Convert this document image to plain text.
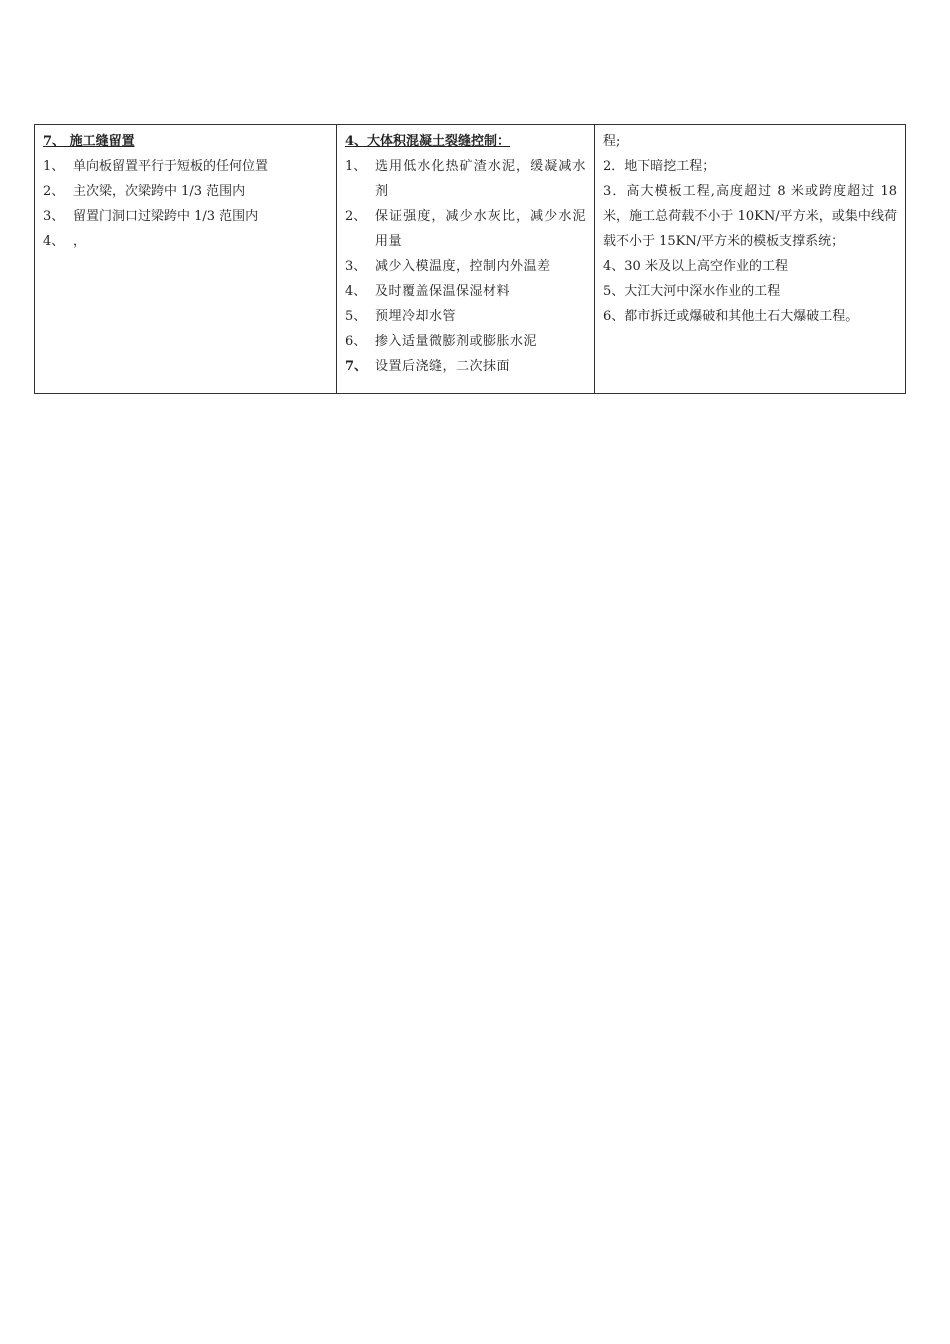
7、 施工缝留置
1、 单向板留置平行于短板的任何位置
2、 主次梁，次梁跨中 1/3 范围内
3、 留置门洞口过梁跨中 1/3 范围内
4、 ，

4、大体积混凝土裂缝控制：
1、 选用低水化热矿渣水泥，缓凝减水剂
2、 保证强度，减少水灰比，减少水泥用量
3、 减少入模温度，控制内外温差
4、 及时覆盖保温保湿材料
5、 预埋冷却水管
6、 掺入适量微膨剂或膨胀水泥
7、 设置后浇缝，二次抹面

程;

2．地下暗挖工程；

3．高大模板工程,高度超过 8 米或跨度超过 18 米，施工总荷载不小于 10KN/平方米，或集中线荷载不小于 15KN/平方米的模板支撑系统；

4、30 米及以上高空作业的工程

5、大江大河中深水作业的工程

6、都市拆迁或爆破和其他土石大爆破工程。
